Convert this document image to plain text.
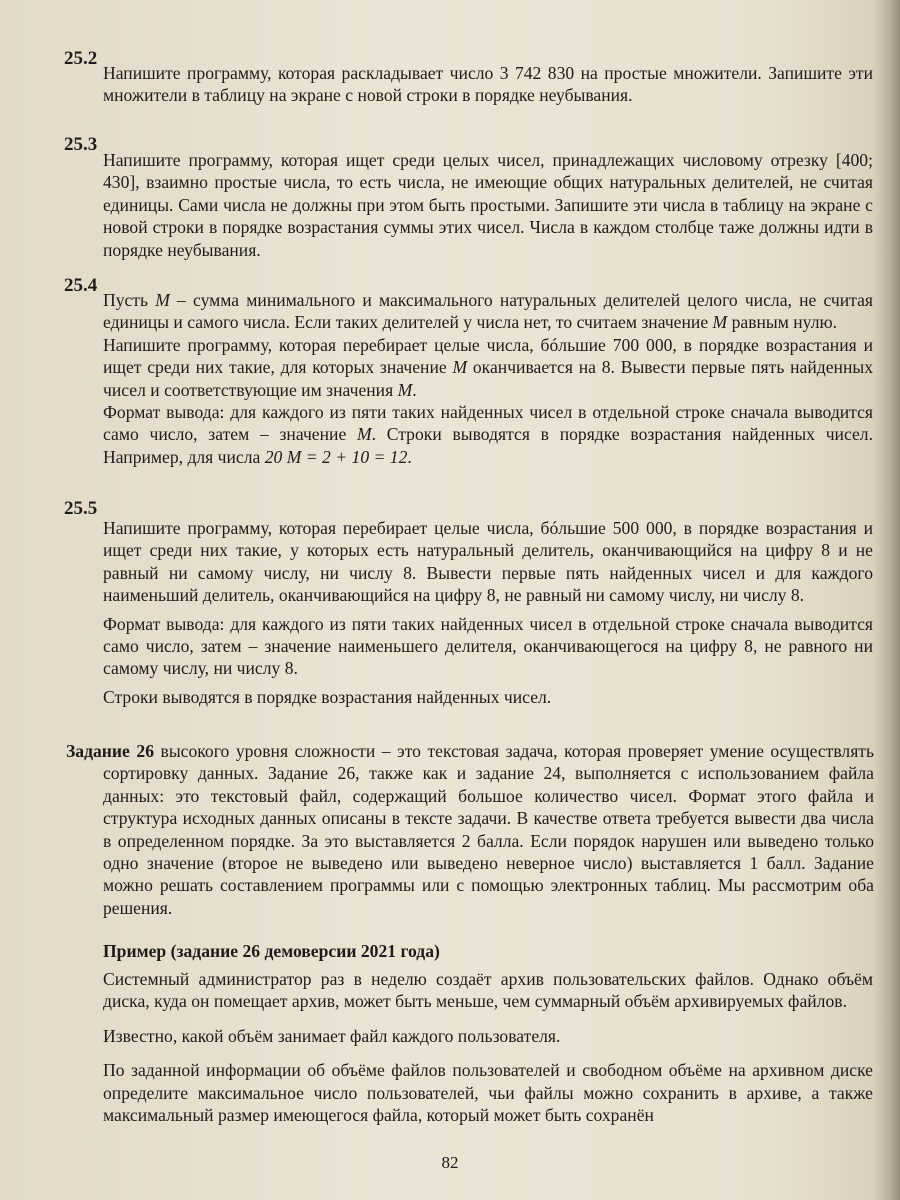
25.2

Напишите программу, которая раскладывает число 3 742 830 на простые множители. Запишите эти множители в таблицу на экране с новой строки в порядке неубывания.

25.3

Напишите программу, которая ищет среди целых чисел, принадлежащих числовому отрезку [400; 430], взаимно простые числа, то есть числа, не имеющие общих натуральных делителей, не считая единицы. Сами числа не должны при этом быть простыми. Запишите эти числа в таблицу на экране с новой строки в порядке возрастания суммы этих чисел. Числа в каждом столбце таже должны идти в порядке неубывания.

25.4

Пусть M – сумма минимального и максимального натуральных делителей целого числа, не считая единицы и самого числа. Если таких делителей у числа нет, то считаем значение M равным нулю.

Напишите программу, которая перебирает целые числа, бóльшие 700 000, в порядке возрастания и ищет среди них такие, для которых значение M оканчивается на 8. Вывести первые пять найденных чисел и соответствующие им значения M.

Формат вывода: для каждого из пяти таких найденных чисел в отдельной строке сначала выводится само число, затем – значение M. Строки выводятся в порядке возрастания найденных чисел. Например, для числа 20 M = 2 + 10 = 12.

25.5

Напишите программу, которая перебирает целые числа, бóльшие 500 000, в порядке возрастания и ищет среди них такие, у которых есть натуральный делитель, оканчивающийся на цифру 8 и не равный ни самому числу, ни числу 8. Вывести первые пять найденных чисел и для каждого наименьший делитель, оканчивающийся на цифру 8, не равный ни самому числу, ни числу 8.

Формат вывода: для каждого из пяти таких найденных чисел в отдельной строке сначала выводится само число, затем – значение наименьшего делителя, оканчивающегося на цифру 8, не равного ни самому числу, ни числу 8.

Строки выводятся в порядке возрастания найденных чисел.

Задание 26 высокого уровня сложности – это текстовая задача, которая проверяет умение осуществлять сортировку данных. Задание 26, также как и задание 24, выполняется с использованием файла данных: это текстовый файл, содержащий большое количество чисел. Формат этого файла и структура исходных данных описаны в тексте задачи. В качестве ответа требуется вывести два числа в определенном порядке. За это выставляется 2 балла. Если порядок нарушен или выведено только одно значение (второе не выведено или выведено неверное число) выставляется 1 балл. Задание можно решать составлением программы или с помощью электронных таблиц. Мы рассмотрим оба решения.

Пример (задание 26 демоверсии 2021 года)

Системный администратор раз в неделю создаёт архив пользовательских файлов. Однако объём диска, куда он помещает архив, может быть меньше, чем суммарный объём архивируемых файлов.

Известно, какой объём занимает файл каждого пользователя.

По заданной информации об объёме файлов пользователей и свободном объёме на архивном диске определите максимальное число пользователей, чьи файлы можно сохранить в архиве, а также максимальный размер имеющегося файла, который может быть сохранён

82
